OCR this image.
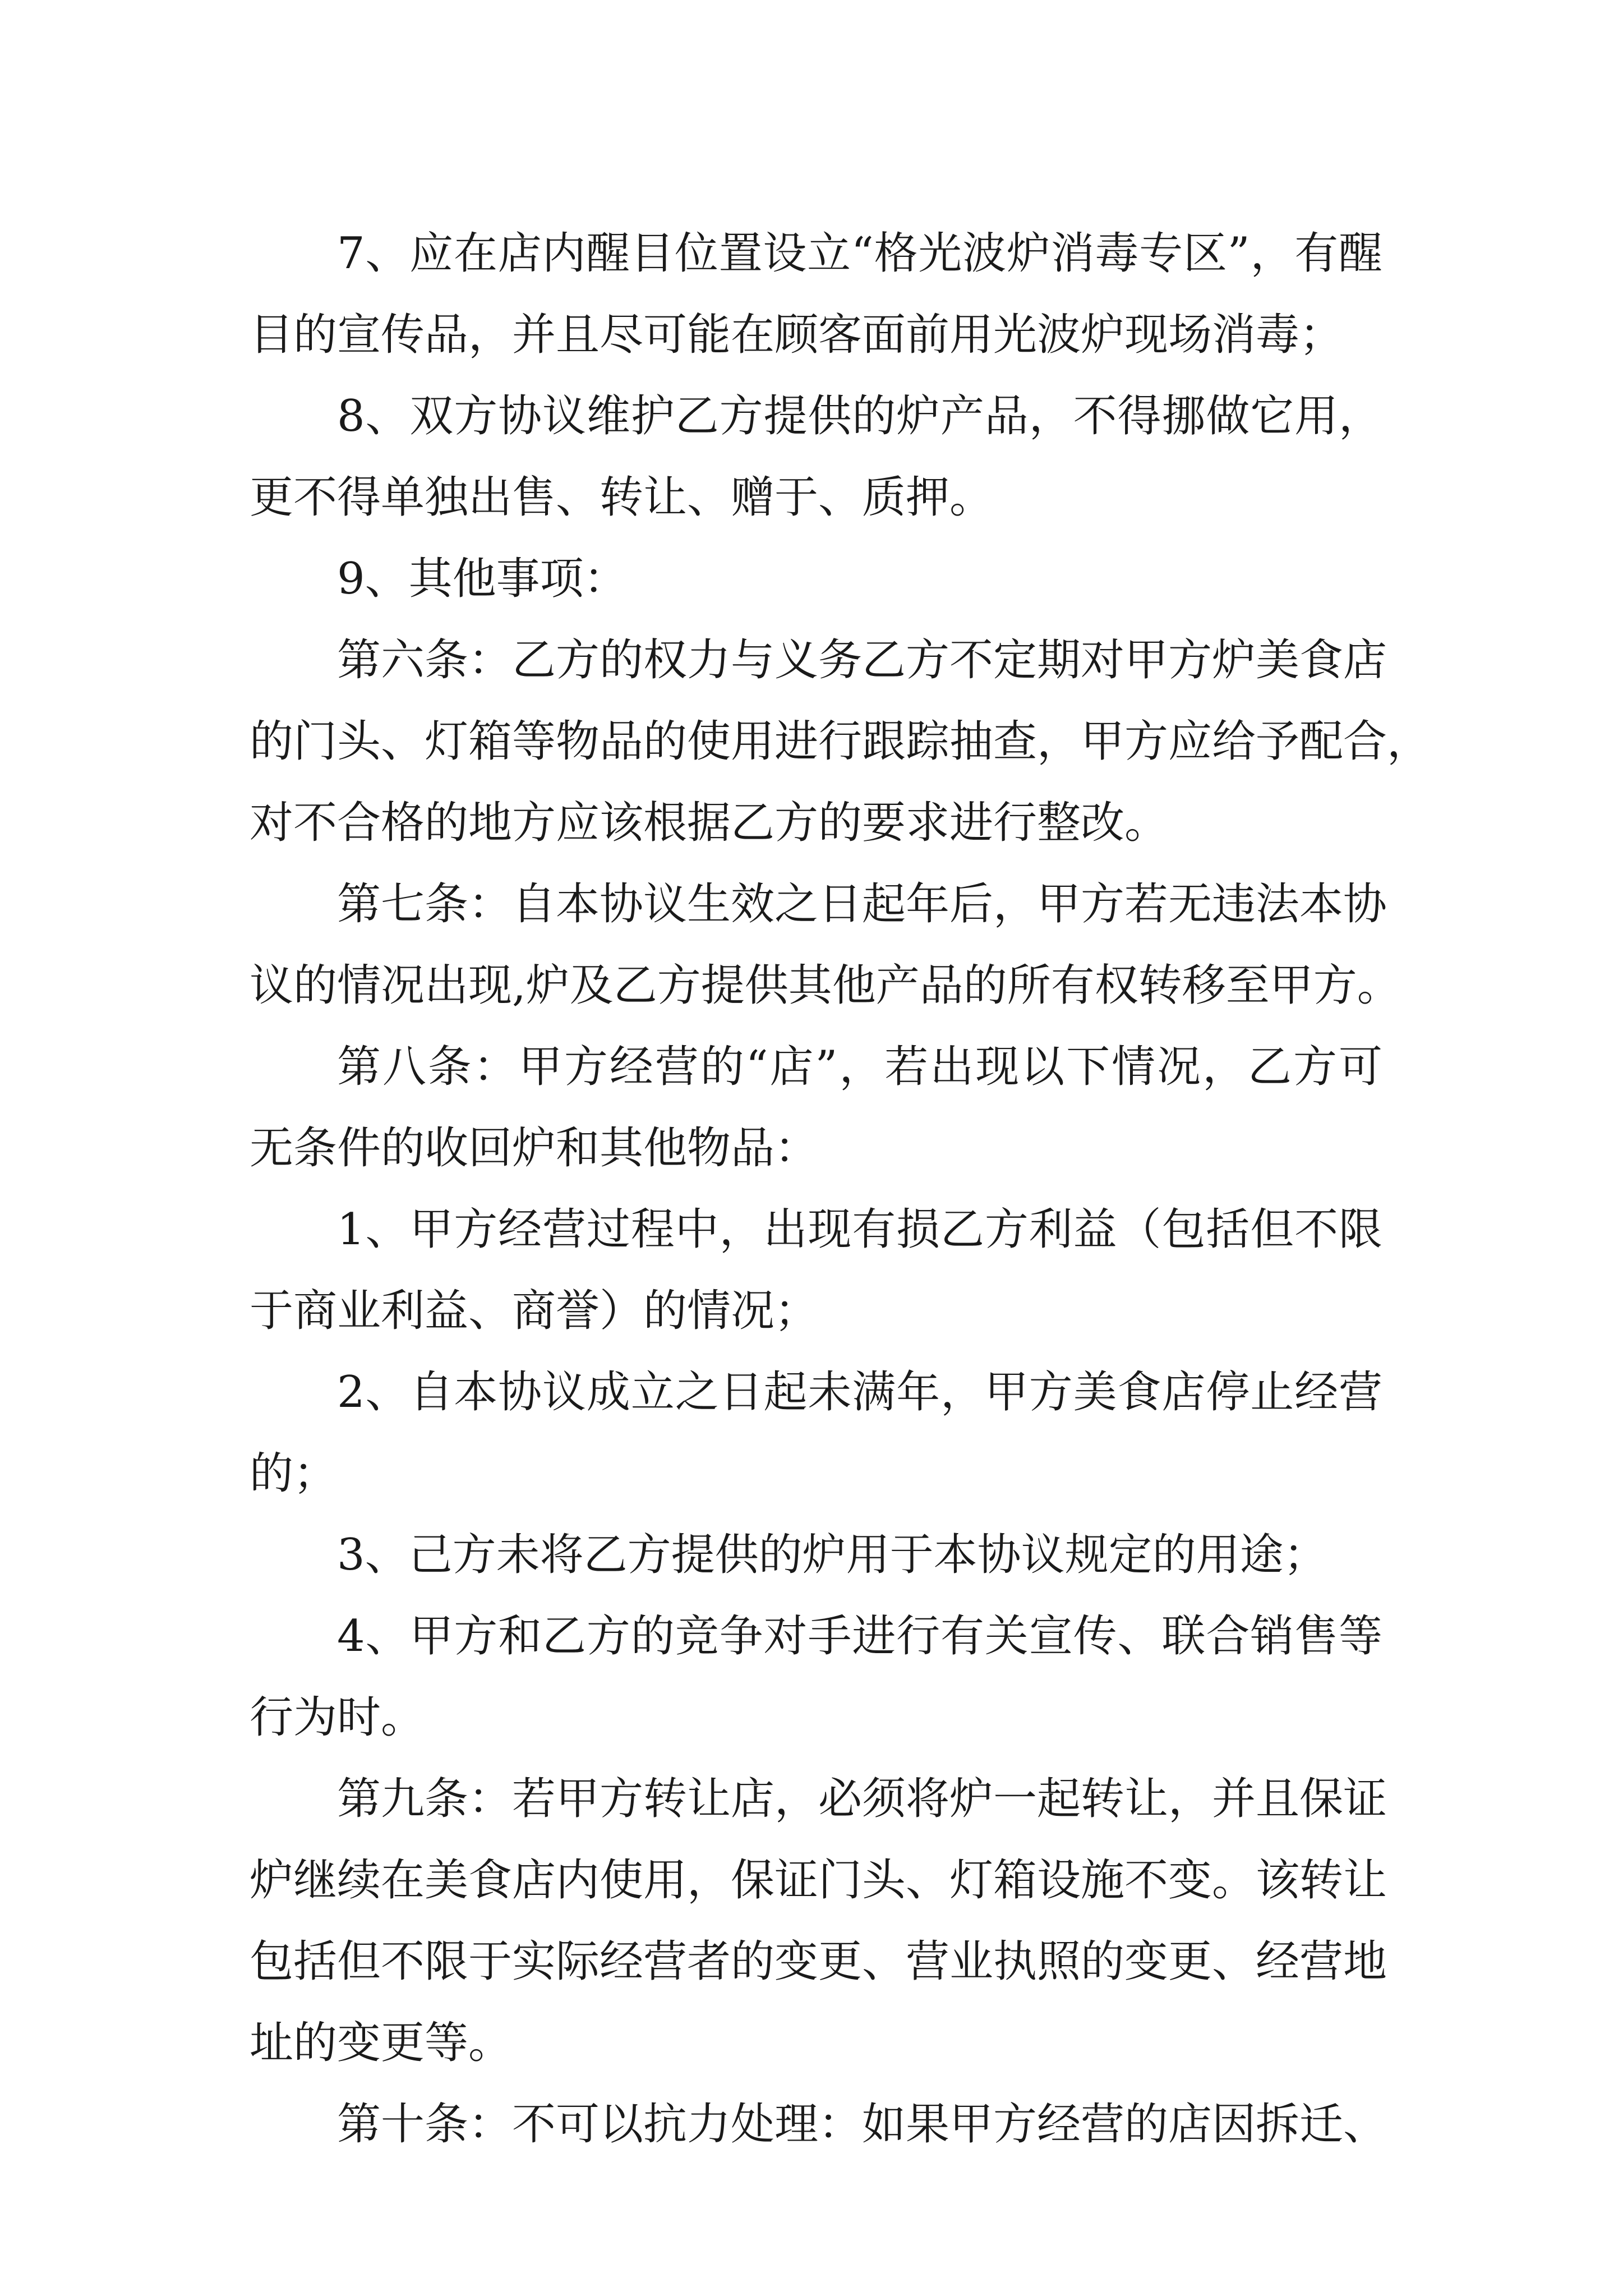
7、应在店内醒目位置设立“格光波炉消毒专区”，有醒
目的宣传品，并且尽可能在顾客面前用光波炉现场消毒；
8、双方协议维护乙方提供的炉产品，不得挪做它用，
更不得单独出售、转让、赠于、质押。
9、其他事项：
第六条：乙方的权力与义务乙方不定期对甲方炉美食店
的门头、灯箱等物品的使用进行跟踪抽查，甲方应给予配合，
对不合格的地方应该根据乙方的要求进行整改。
第七条：自本协议生效之日起年后，甲方若无违法本协
议的情况出现,炉及乙方提供其他产品的所有权转移至甲方。
第八条：甲方经营的“店”，若出现以下情况，乙方可
无条件的收回炉和其他物品：
1、甲方经营过程中，出现有损乙方利益（包括但不限
于商业利益、商誉）的情况；
2、自本协议成立之日起未满年，甲方美食店停止经营
的；
3、己方未将乙方提供的炉用于本协议规定的用途；
4、甲方和乙方的竞争对手进行有关宣传、联合销售等
行为时。
第九条：若甲方转让店，必须将炉一起转让，并且保证
炉继续在美食店内使用，保证门头、灯箱设施不变。该转让
包括但不限于实际经营者的变更、营业执照的变更、经营地
址的变更等。
第十条：不可以抗力处理：如果甲方经营的店因拆迁、
